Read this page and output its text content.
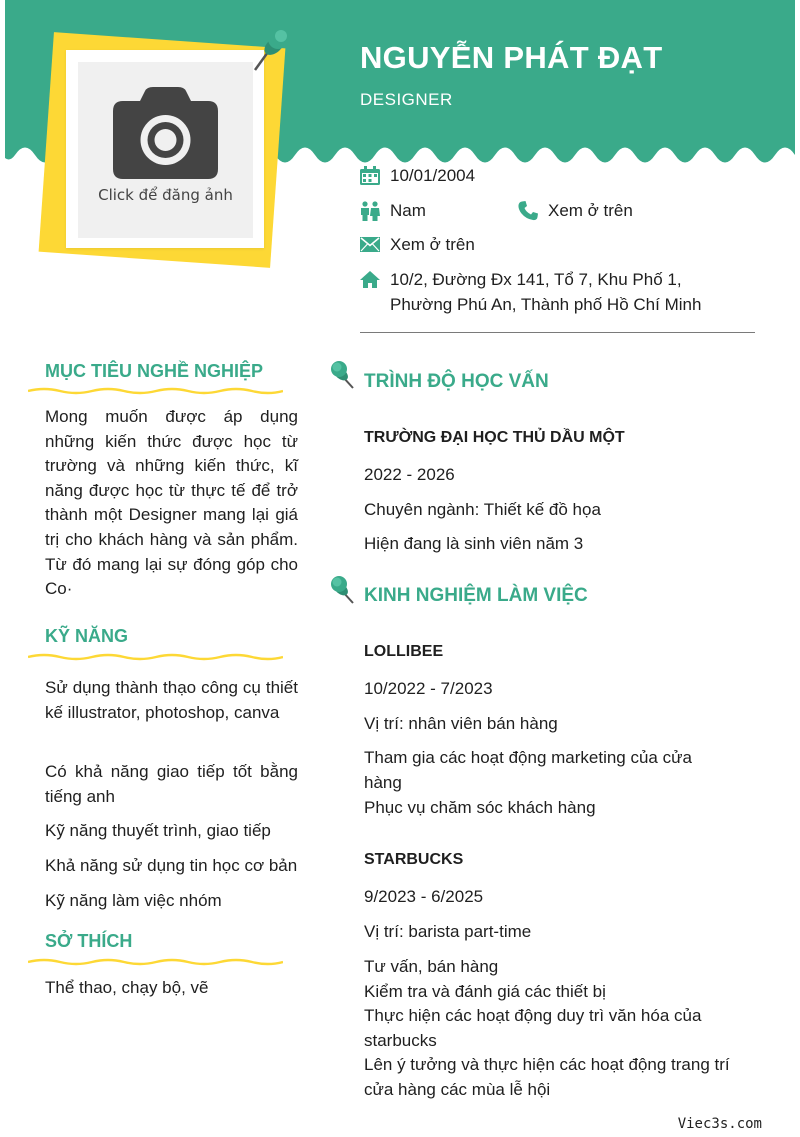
Click để đăng ảnh
NGUYỄN PHÁT ĐẠT
DESIGNER
10/01/2004
Nam	Xem ở trên
Xem ở trên
10/2, Đường Đx 141, Tổ 7, Khu Phố 1,
Phường Phú An, Thành phố Hồ Chí Minh
MỤC TIÊU NGHỀ NGHIỆP
Mong muốn được áp dụng những kiến thức được học từ trường và những kiến thức, kĩ năng được học từ thực tế để trở thành một Designer mang lại giá trị cho khách hàng và sản phẩm. Từ đó mang lại sự đóng góp cho Co·
KỸ NĂNG
Sử dụng thành thạo công cụ thiết kế illustrator, photoshop, canva
Có khả năng giao tiếp tốt bằng tiếng anh
Kỹ năng thuyết trình, giao tiếp
Khả năng sử dụng tin học cơ bản
Kỹ năng làm việc nhóm
SỞ THÍCH
Thể thao, chạy bộ, vẽ
TRÌNH ĐỘ HỌC VẤN
TRƯỜNG ĐẠI HỌC THỦ DẦU MỘT
2022 - 2026
Chuyên ngành: Thiết kế đồ họa
Hiện đang là sinh viên năm 3
KINH NGHIỆM LÀM VIỆC
LOLLIBEE
10/2022 - 7/2023
Vị trí: nhân viên bán hàng
Tham gia các hoạt động marketing của cửa hàng
Phục vụ chăm sóc khách hàng
STARBUCKS
9/2023 - 6/2025
Vị trí: barista part-time
Tư vấn, bán hàng
Kiểm tra và đánh giá các thiết bị
Thực hiện các hoạt động duy trì văn hóa của starbucks
Lên ý tưởng và thực hiện các hoạt động trang trí cửa hàng các mùa lễ hội
Viec3s.com
